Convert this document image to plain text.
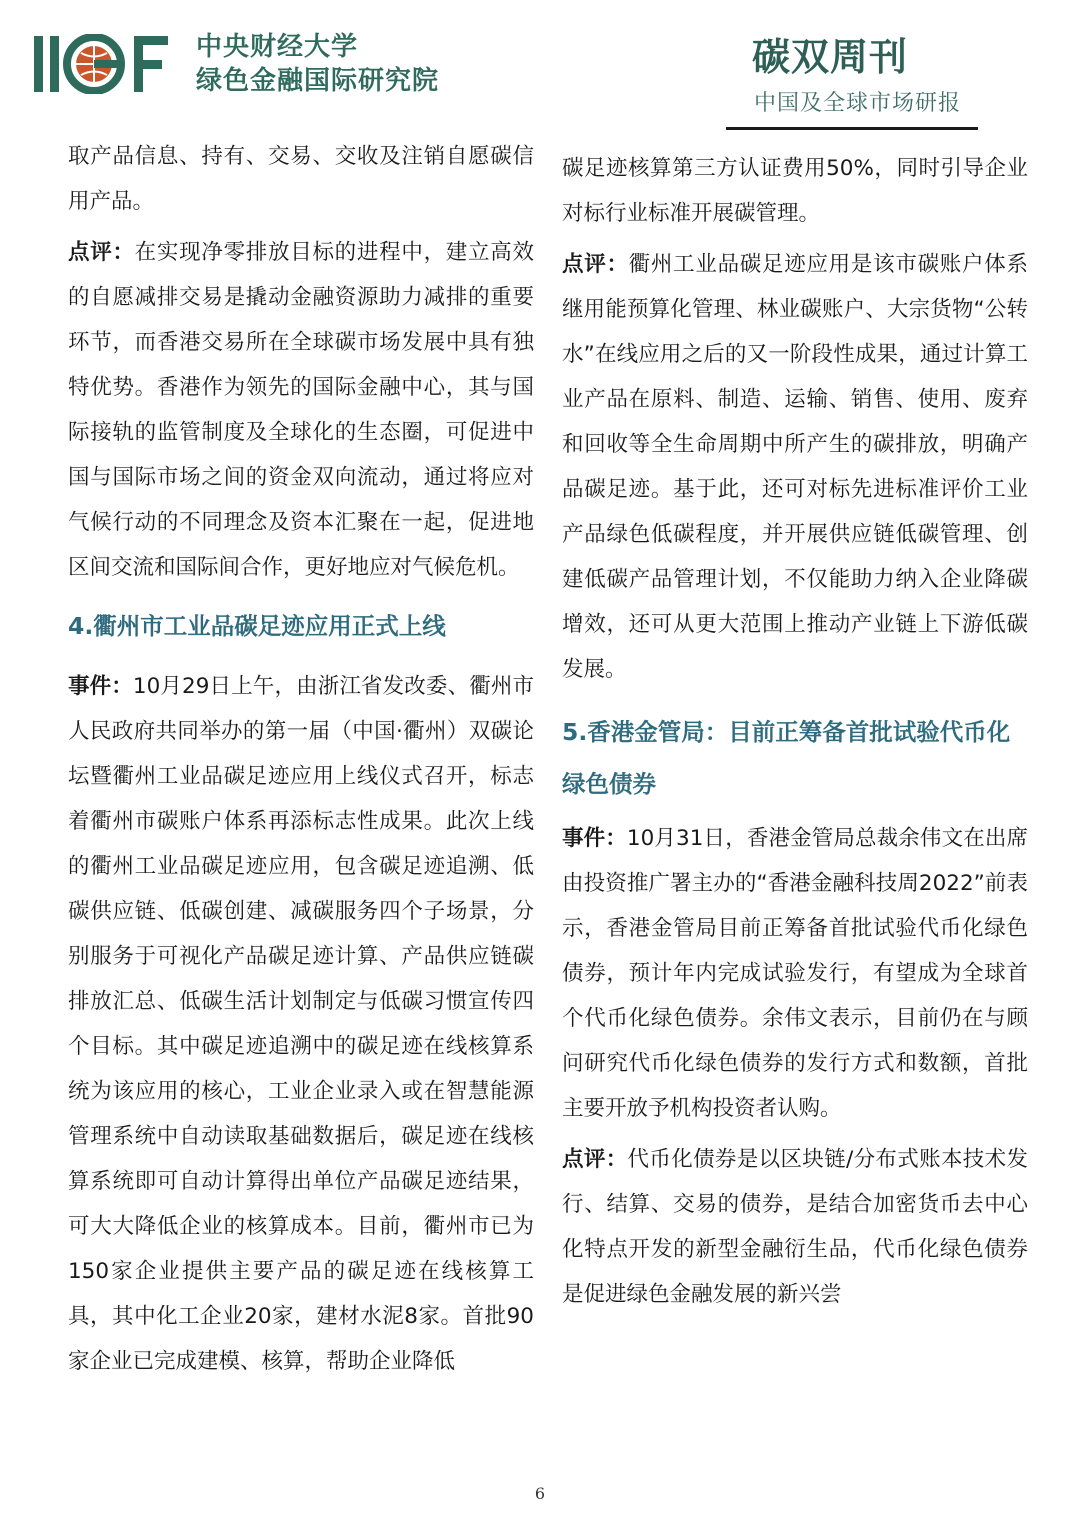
中央财经大学
绿色金融国际研究院
碳双周刊
中国及全球市场研报

取产品信息、持有、交易、交收及注销自愿碳信用产品。

点评：在实现净零排放目标的进程中，建立高效的自愿减排交易是撬动金融资源助力减排的重要环节，而香港交易所在全球碳市场发展中具有独特优势。香港作为领先的国际金融中心，其与国际接轨的监管制度及全球化的生态圈，可促进中国与国际市场之间的资金双向流动，通过将应对气候行动的不同理念及资本汇聚在一起，促进地区间交流和国际间合作，更好地应对气候危机。

4.衢州市工业品碳足迹应用正式上线

事件：10月29日上午，由浙江省发改委、衢州市人民政府共同举办的第一届（中国·衢州）双碳论坛暨衢州工业品碳足迹应用上线仪式召开，标志着衢州市碳账户体系再添标志性成果。此次上线的衢州工业品碳足迹应用，包含碳足迹追溯、低碳供应链、低碳创建、减碳服务四个子场景，分别服务于可视化产品碳足迹计算、产品供应链碳排放汇总、低碳生活计划制定与低碳习惯宣传四个目标。其中碳足迹追溯中的碳足迹在线核算系统为该应用的核心，工业企业录入或在智慧能源管理系统中自动读取基础数据后，碳足迹在线核算系统即可自动计算得出单位产品碳足迹结果，可大大降低企业的核算成本。目前，衢州市已为150家企业提供主要产品的碳足迹在线核算工具，其中化工企业20家，建材水泥8家。首批90家企业已完成建模、核算，帮助企业降低

碳足迹核算第三方认证费用50%，同时引导企业对标行业标准开展碳管理。

点评：衢州工业品碳足迹应用是该市碳账户体系继用能预算化管理、林业碳账户、大宗货物“公转水”在线应用之后的又一阶段性成果，通过计算工业产品在原料、制造、运输、销售、使用、废弃和回收等全生命周期中所产生的碳排放，明确产品碳足迹。基于此，还可对标先进标准评价工业产品绿色低碳程度，并开展供应链低碳管理、创建低碳产品管理计划，不仅能助力纳入企业降碳增效，还可从更大范围上推动产业链上下游低碳发展。

5.香港金管局：目前正筹备首批试验代币化绿色债券

事件：10月31日，香港金管局总裁余伟文在出席由投资推广署主办的“香港金融科技周2022”前表示，香港金管局目前正筹备首批试验代币化绿色债券，预计年内完成试验发行，有望成为全球首个代币化绿色债券。余伟文表示，目前仍在与顾问研究代币化绿色债券的发行方式和数额，首批主要开放予机构投资者认购。

点评：代币化债券是以区块链/分布式账本技术发行、结算、交易的债券，是结合加密货币去中心化特点开发的新型金融衍生品，代币化绿色债券是促进绿色金融发展的新兴尝

6
